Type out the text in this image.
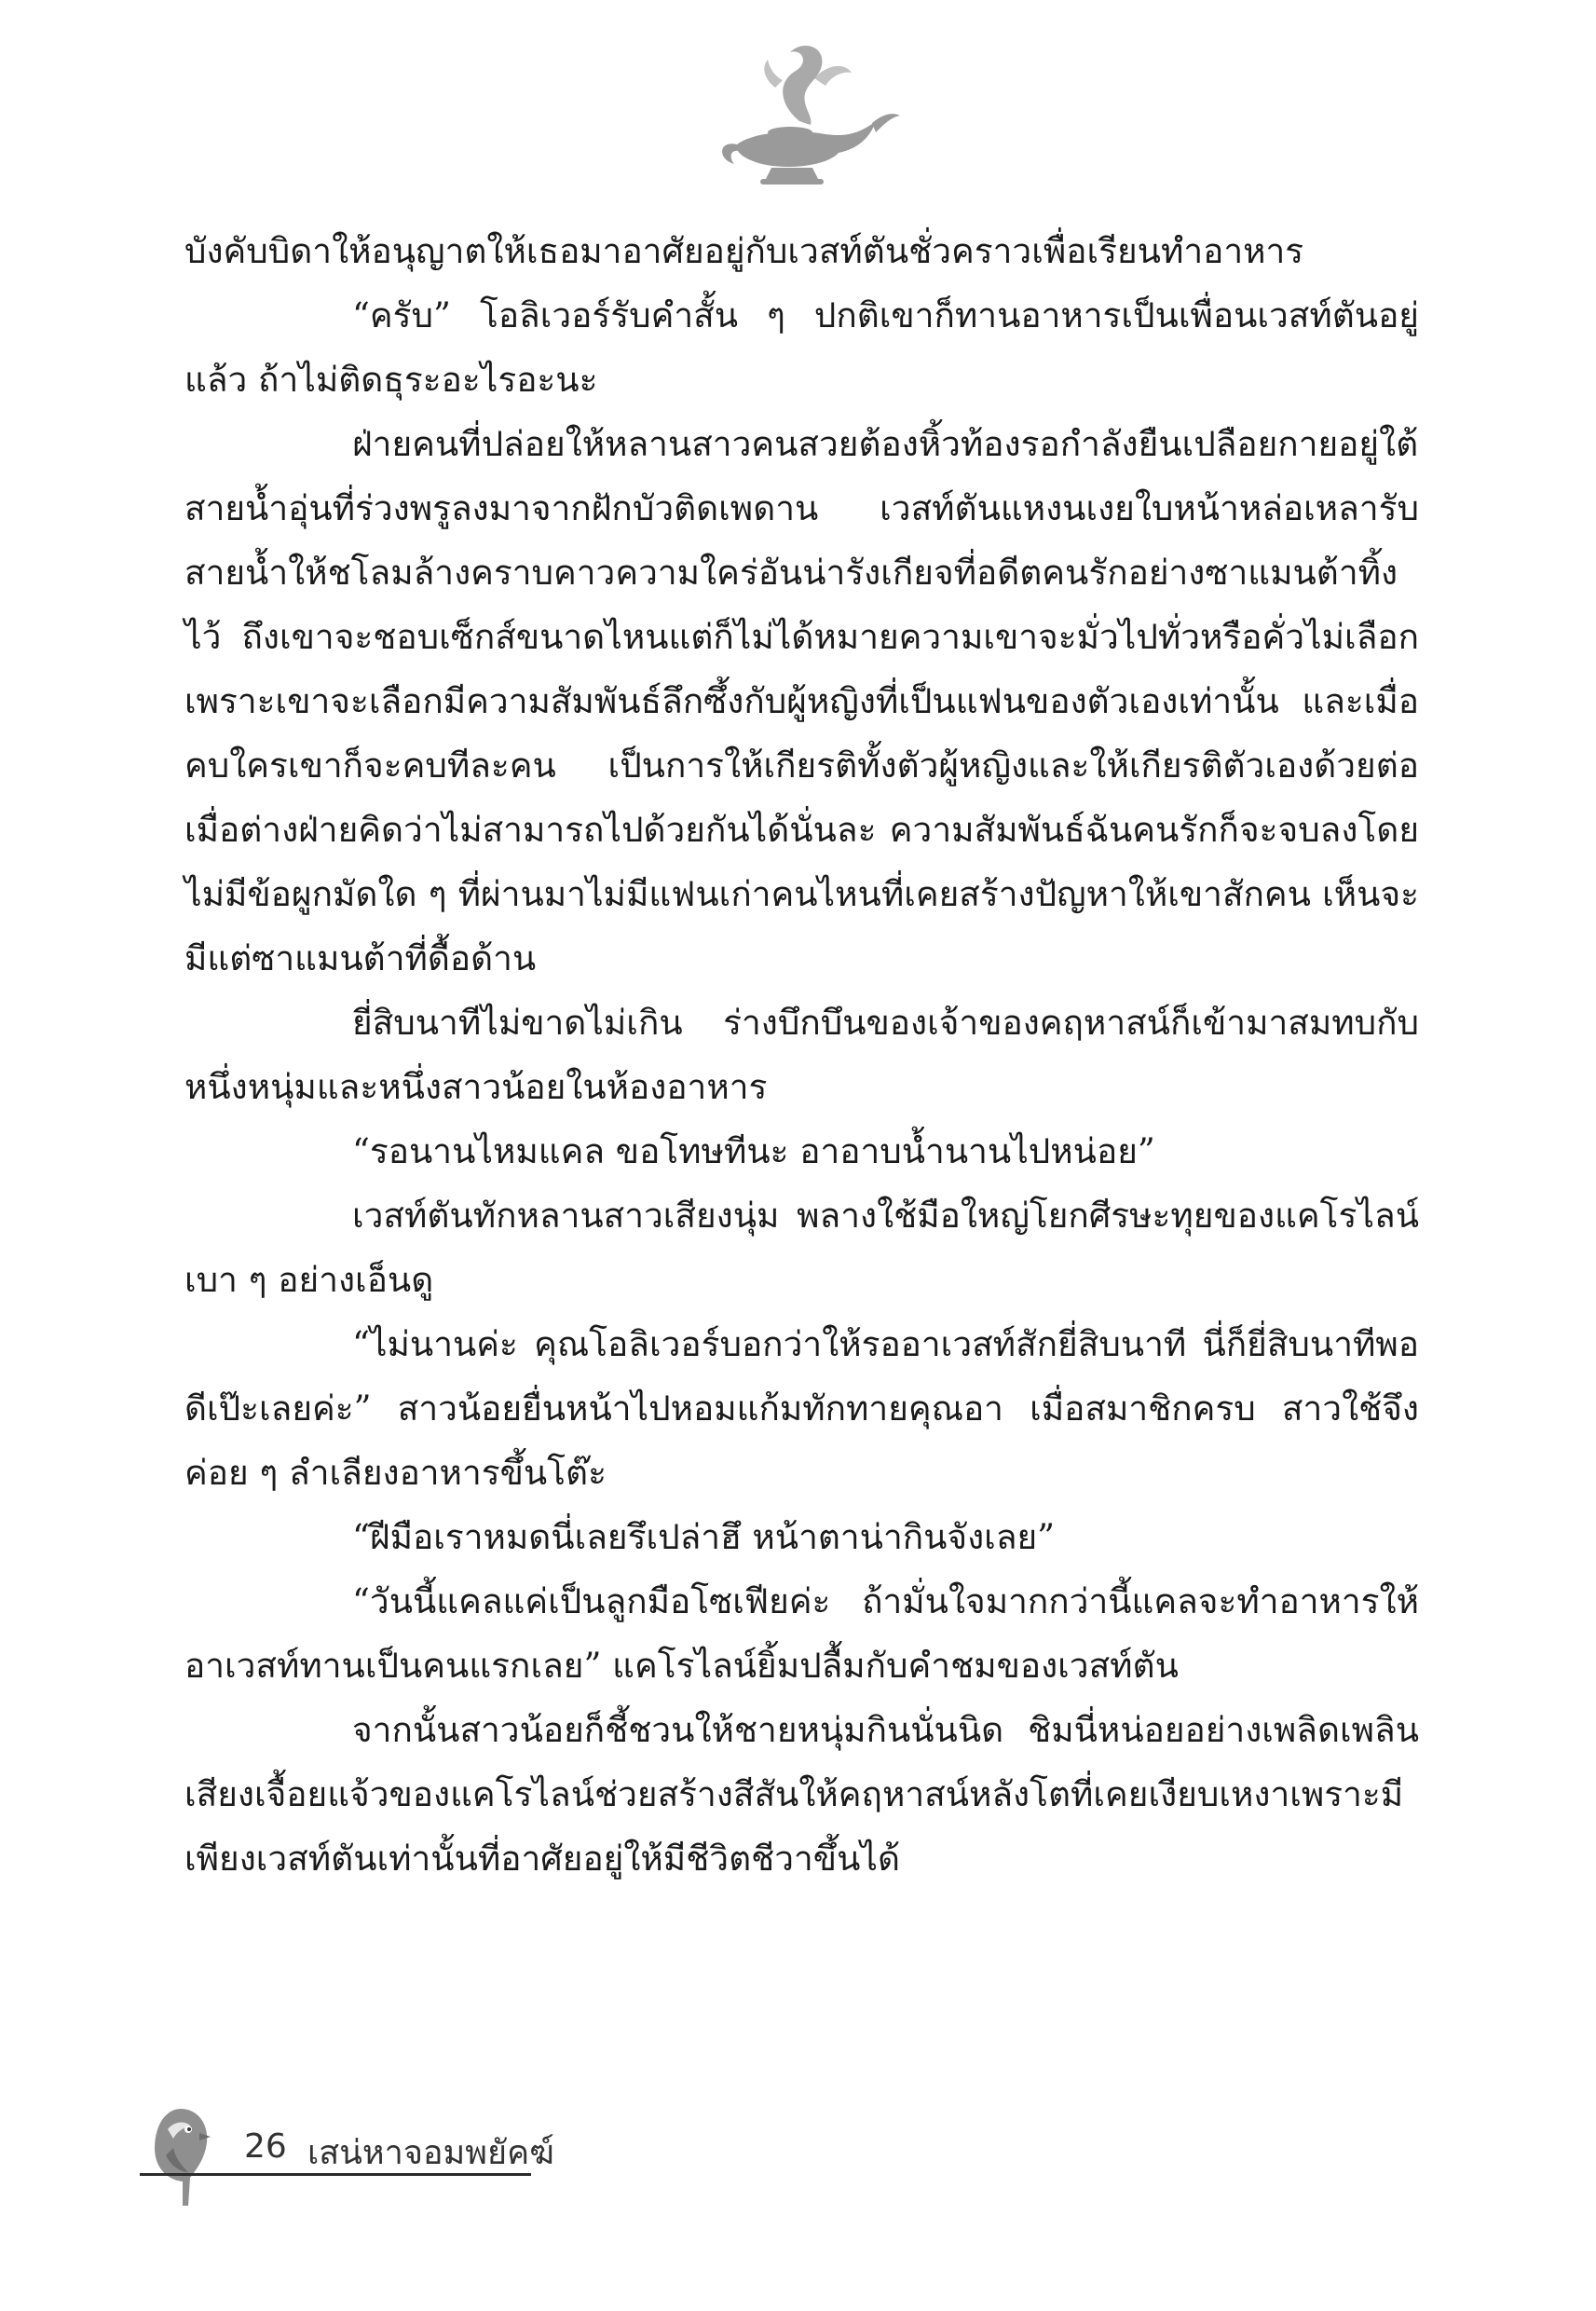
บังคับบิดาให้อนุญาตให้เธอมาอาศัยอยู่กับเวสท์ตันชั่วคราวเพื่อเรียนทำอาหาร

“ครับ” โอลิเวอร์รับคำสั้น ๆ ปกติเขาก็ทานอาหารเป็นเพื่อนเวสท์ตันอยู่แล้ว ถ้าไม่ติดธุระอะไรอะนะ

ฝ่ายคนที่ปล่อยให้หลานสาวคนสวยต้องหิ้วท้องรอกำลังยืนเปลือยกายอยู่ใต้สายน้ำอุ่นที่ร่วงพรูลงมาจากฝักบัวติดเพดาน เวสท์ตันแหงนเงยใบหน้าหล่อเหลารับสายน้ำให้ชโลมล้างคราบคาวความใคร่อันน่ารังเกียจที่อดีตคนรักอย่างซาแมนต้าทิ้งไว้ ถึงเขาจะชอบเซ็กส์ขนาดไหนแต่ก็ไม่ได้หมายความเขาจะมั่วไปทั่วหรือคั่วไม่เลือก เพราะเขาจะเลือกมีความสัมพันธ์ลึกซึ้งกับผู้หญิงที่เป็นแฟนของตัวเองเท่านั้น และเมื่อคบใครเขาก็จะคบทีละคน เป็นการให้เกียรติทั้งตัวผู้หญิงและให้เกียรติตัวเองด้วยต่อเมื่อต่างฝ่ายคิดว่าไม่สามารถไปด้วยกันได้นั่นละ ความสัมพันธ์ฉันคนรักก็จะจบลงโดยไม่มีข้อผูกมัดใด ๆ ที่ผ่านมาไม่มีแฟนเก่าคนไหนที่เคยสร้างปัญหาให้เขาสักคน เห็นจะมีแต่ซาแมนต้าที่ดื้อด้าน

ยี่สิบนาทีไม่ขาดไม่เกิน ร่างบึกบึนของเจ้าของคฤหาสน์ก็เข้ามาสมทบกับหนึ่งหนุ่มและหนึ่งสาวน้อยในห้องอาหาร

“รอนานไหมแคล ขอโทษทีนะ อาอาบน้ำนานไปหน่อย”

เวสท์ตันทักหลานสาวเสียงนุ่ม พลางใช้มือใหญ่โยกศีรษะทุยของแคโรไลน์เบา ๆ อย่างเอ็นดู

“ไม่นานค่ะ คุณโอลิเวอร์บอกว่าให้รออาเวสท์สักยี่สิบนาที นี่ก็ยี่สิบนาทีพอดีเป๊ะเลยค่ะ” สาวน้อยยื่นหน้าไปหอมแก้มทักทายคุณอา เมื่อสมาชิกครบ สาวใช้จึงค่อย ๆ ลำเลียงอาหารขึ้นโต๊ะ

“ฝีมือเราหมดนี่เลยรึเปล่าฮึ หน้าตาน่ากินจังเลย”

“วันนี้แคลแค่เป็นลูกมือโซเฟียค่ะ ถ้ามั่นใจมากกว่านี้แคลจะทำอาหารให้อาเวสท์ทานเป็นคนแรกเลย” แคโรไลน์ยิ้มปลื้มกับคำชมของเวสท์ตัน

จากนั้นสาวน้อยก็ชี้ชวนให้ชายหนุ่มกินนั่นนิด ชิมนี่หน่อยอย่างเพลิดเพลิน เสียงเจื้อยแจ้วของแคโรไลน์ช่วยสร้างสีสันให้คฤหาสน์หลังโตที่เคยเงียบเหงาเพราะมีเพียงเวสท์ตันเท่านั้นที่อาศัยอยู่ให้มีชีวิตชีวาขึ้นได้

26 เสน่หาจอมพยัคฆ์
